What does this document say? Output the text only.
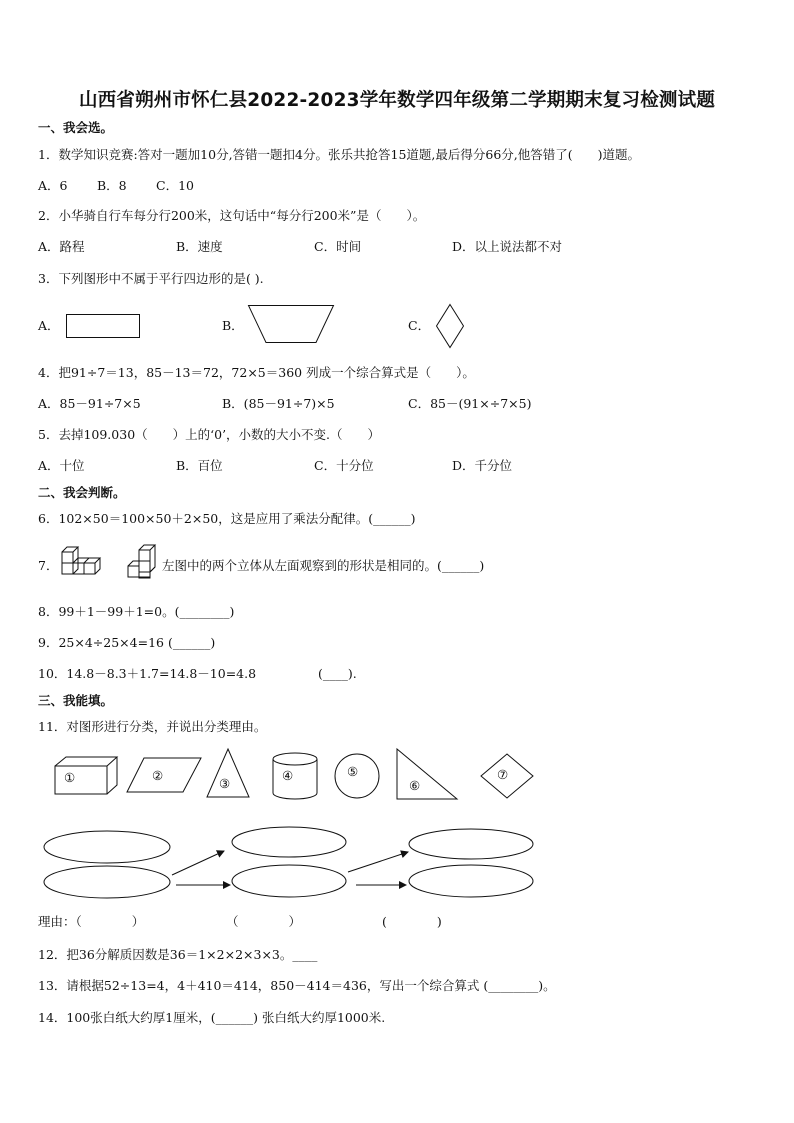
山西省朔州市怀仁县2022-2023学年数学四年级第二学期期末复习检测试题
一、我会选。
1．数学知识竞赛:答对一题加10分,答错一题扣4分。张乐共抢答15道题,最后得分66分,他答错了(　　)道题。
A．6 B．8 C．10
2．小华骑自行车每分行200米，这句话中“每分行200米”是（　　）。
A．路程	B．速度	C．时间	D．以上说法都不对
3．下列图形中不属于平行四边形的是( ).
A．	B．	C．
4．把91÷7＝13，85－13＝72，72×5＝360 列成一个综合算式是（　　）。
A．85－91÷7×5	B．(85－91÷7)×5	C．85－(91×÷7×5)
5．去掉109.030（　　）上的‘0’，小数的大小不变.（　　）
A．十位	B．百位	C．十分位	D．千分位
二、我会判断。
6．102×50＝100×50＋2×50，这是应用了乘法分配律。(______)
7．	左图中的两个立体从左面观察到的形状是相同的。(______)
8．99＋1－99＋1=0。(________)
9．25×4÷25×4=16 (______)
10．14.8－8.3＋1.7=14.8－10=4.8	(____).
三、我能填。
11．对图形进行分类，并说出分类理由。
①	②
③
④	⑤
⑥
⑦
理由：（　　　　）	（　　　　）	(　　　　)
12．把36分解质因数是36＝1×2×2×3×3。____
13．请根据52÷13=4，4＋410＝414，850－414＝436，写出一个综合算式 (________)。
14．100张白纸大约厚1厘米，(______) 张白纸大约厚1000米.
